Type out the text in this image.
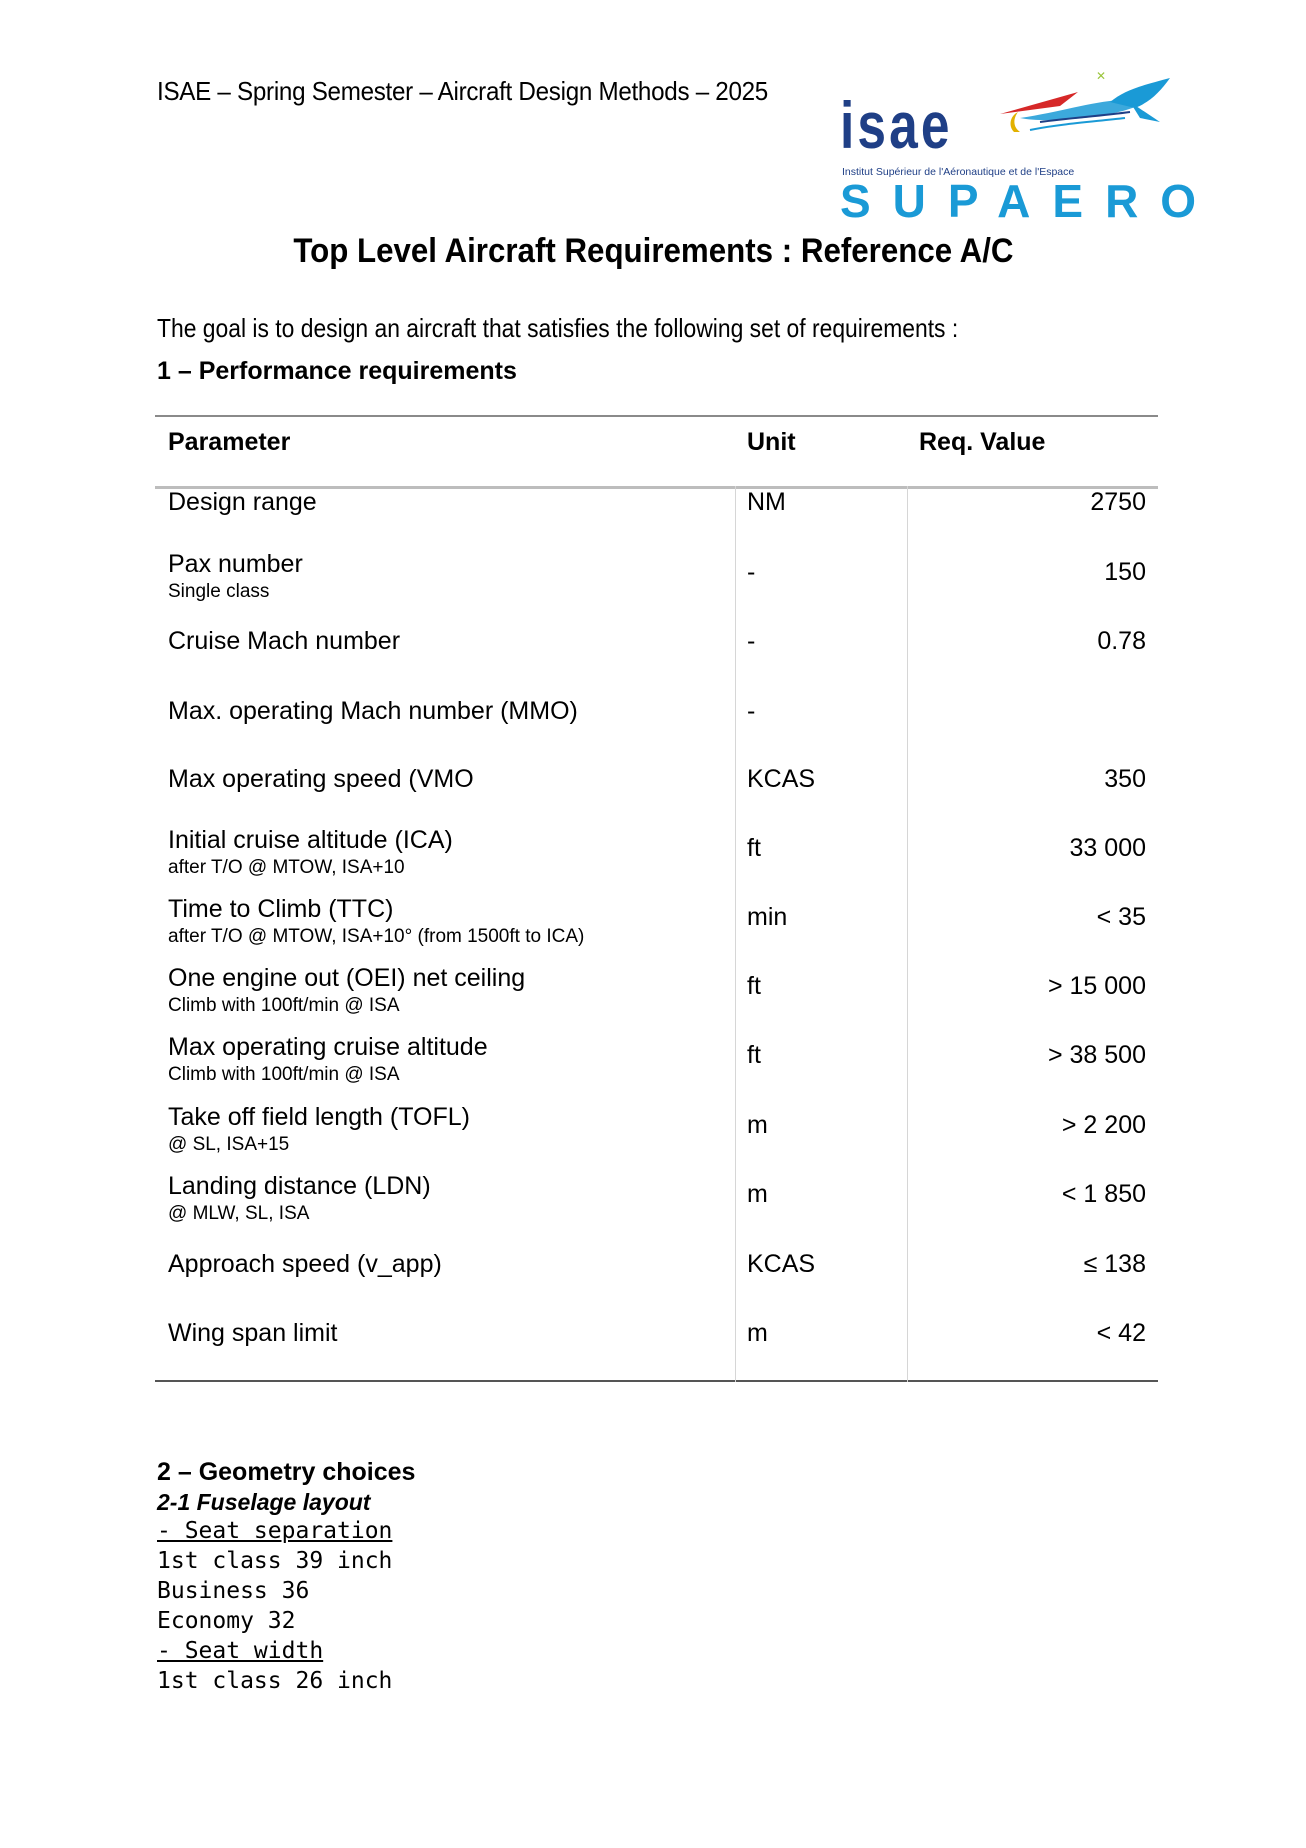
ISAE – Spring Semester – Aircraft Design Methods – 2025	✕
isae
Institut Supérieur de l'Aéronautique et de l'Espace
SUPAERO
Top Level Aircraft Requirements : Reference A/C
The goal is to design an aircraft that satisfies the following set of requirements :
1 – Performance requirements
Parameter	Unit	Req. Value
Design range	NM	2750
Pax number
Single class
-	150
Cruise Mach number	-	0.78
Max. operating Mach number (MMO)	-
Max operating speed (VMO	KCAS	350
Initial cruise altitude (ICA)
after T/O @ MTOW, ISA+10
ft	33 000
Time to Climb (TTC)
after T/O @ MTOW, ISA+10° (from 1500ft to ICA)
min	< 35
One engine out (OEI) net ceiling
Climb with 100ft/min @ ISA
ft	> 15 000
Max operating cruise altitude
Climb with 100ft/min @ ISA
ft	> 38 500
Take off field length (TOFL)
@ SL, ISA+15
m	> 2 200
Landing distance (LDN)
@ MLW, SL, ISA
m	< 1 850
Approach speed (v_app)	KCAS	≤ 138
Wing span limit	m	< 42
2 – Geometry choices
2-1 Fuselage layout
- Seat separation
1st class 39 inch
Business 36
Economy 32
- Seat width
1st class 26 inch
